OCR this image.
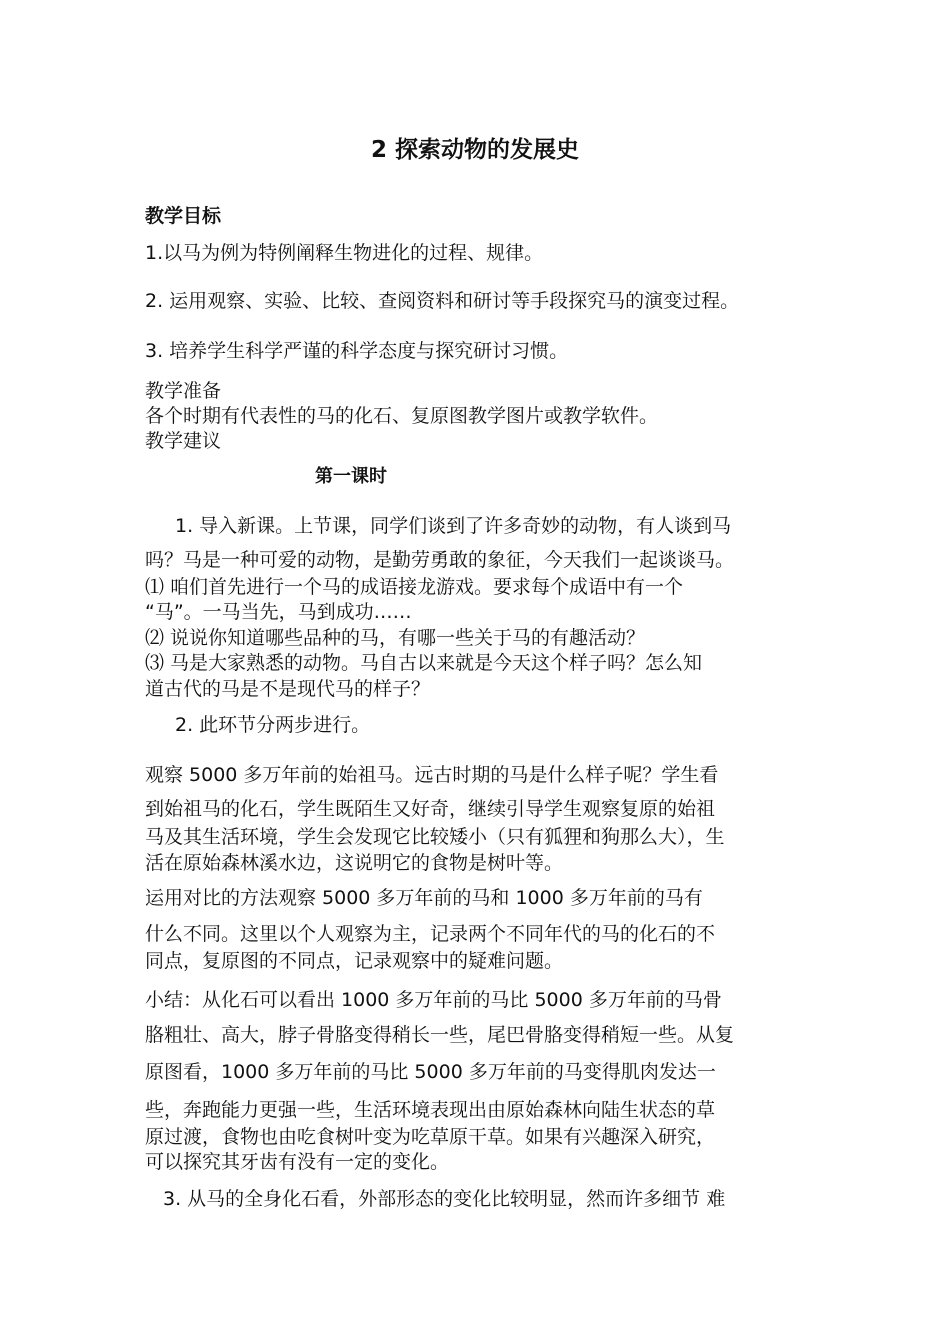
2 探索动物的发展史
教学目标
1.以马为例为特例阐释生物进化的过程、规律。
2. 运用观察、实验、比较、查阅资料和研讨等手段探究马的演变过程。
3. 培养学生科学严谨的科学态度与探究研讨习惯。
教学准备
各个时期有代表性的马的化石、复原图教学图片或教学软件。
教学建议
第一课时
1. 导入新课。上节课，同学们谈到了许多奇妙的动物，有人谈到马
吗？马是一种可爱的动物，是勤劳勇敢的象征，今天我们一起谈谈马。
⑴ 咱们首先进行一个马的成语接龙游戏。要求每个成语中有一个
“马”。一马当先，马到成功……
⑵ 说说你知道哪些品种的马，有哪一些关于马的有趣活动？
⑶ 马是大家熟悉的动物。马自古以来就是今天这个样子吗？怎么知
道古代的马是不是现代马的样子？
2. 此环节分两步进行。
观察 5000 多万年前的始祖马。远古时期的马是什么样子呢？学生看
到始祖马的化石，学生既陌生又好奇，继续引导学生观察复原的始祖
马及其生活环境，学生会发现它比较矮小（只有狐狸和狗那么大），生
活在原始森林溪水边，这说明它的食物是树叶等。
运用对比的方法观察 5000 多万年前的马和 1000 多万年前的马有
什么不同。这里以个人观察为主，记录两个不同年代的马的化石的不
同点，复原图的不同点，记录观察中的疑难问题。
小结：从化石可以看出 1000 多万年前的马比 5000 多万年前的马骨
胳粗壮、高大，脖子骨胳变得稍长一些，尾巴骨胳变得稍短一些。从复
原图看，1000 多万年前的马比 5000 多万年前的马变得肌肉发达一
些，奔跑能力更强一些，生活环境表现出由原始森林向陆生状态的草
原过渡，食物也由吃食树叶变为吃草原干草。如果有兴趣深入研究，
可以探究其牙齿有没有一定的变化。
3. 从马的全身化石看，外部形态的变化比较明显，然而许多细节 难
